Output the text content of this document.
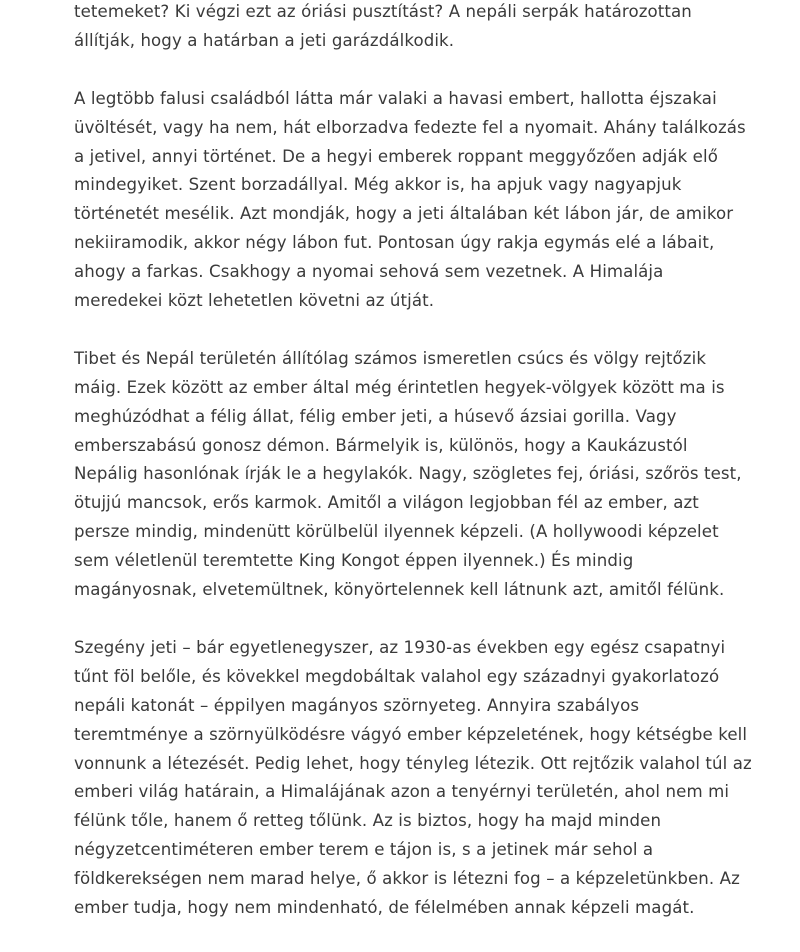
tetemeket? Ki végzi ezt az óriási pusztítást? A nepáli serpák határozottan
állítják, hogy a határban a jeti garázdálkodik.

A legtöbb falusi családból látta már valaki a havasi embert, hallotta éjszakai
üvöltését, vagy ha nem, hát elborzadva fedezte fel a nyomait. Ahány találkozás
a jetivel, annyi történet. De a hegyi emberek roppant meggyőzően adják elő
mindegyiket. Szent borzadállyal. Még akkor is, ha apjuk vagy nagyapjuk
történetét mesélik. Azt mondják, hogy a jeti általában két lábon jár, de amikor
nekiiramodik, akkor négy lábon fut. Pontosan úgy rakja egymás elé a lábait,
ahogy a farkas. Csakhogy a nyomai sehová sem vezetnek. A Himalája
meredekei közt lehetetlen követni az útját.

Tibet és Nepál területén állítólag számos ismeretlen csúcs és völgy rejtőzik
máig. Ezek között az ember által még érintetlen hegyek-völgyek között ma is
meghúzódhat a félig állat, félig ember jeti, a húsevő ázsiai gorilla. Vagy
emberszabású gonosz démon. Bármelyik is, különös, hogy a Kaukázustól
Nepálig hasonlónak írják le a hegylakók. Nagy, szögletes fej, óriási, szőrös test,
ötujjú mancsok, erős karmok. Amitől a világon legjobban fél az ember, azt
persze mindig, mindenütt körülbelül ilyennek képzeli. (A hollywoodi képzelet
sem véletlenül teremtette King Kongot éppen ilyennek.) És mindig
magányosnak, elvetemültnek, könyörtelennek kell látnunk azt, amitől félünk.

Szegény jeti – bár egyetlenegyszer, az 1930-as években egy egész csapatnyi
tűnt föl belőle, és kövekkel megdobáltak valahol egy századnyi gyakorlatozó
nepáli katonát – éppilyen magányos szörnyeteg. Annyira szabályos
teremtménye a szörnyülködésre vágyó ember képzeletének, hogy kétségbe kell
vonnunk a létezését. Pedig lehet, hogy tényleg létezik. Ott rejtőzik valahol túl az
emberi világ határain, a Himalájának azon a tenyérnyi területén, ahol nem mi
félünk tőle, hanem ő retteg tőlünk. Az is biztos, hogy ha majd minden
négyzetcentiméteren ember terem e tájon is, s a jetinek már sehol a
földkerekségen nem marad helye, ő akkor is létezni fog – a képzeletünkben. Az
ember tudja, hogy nem mindenható, de félelmében annak képzeli magát.
